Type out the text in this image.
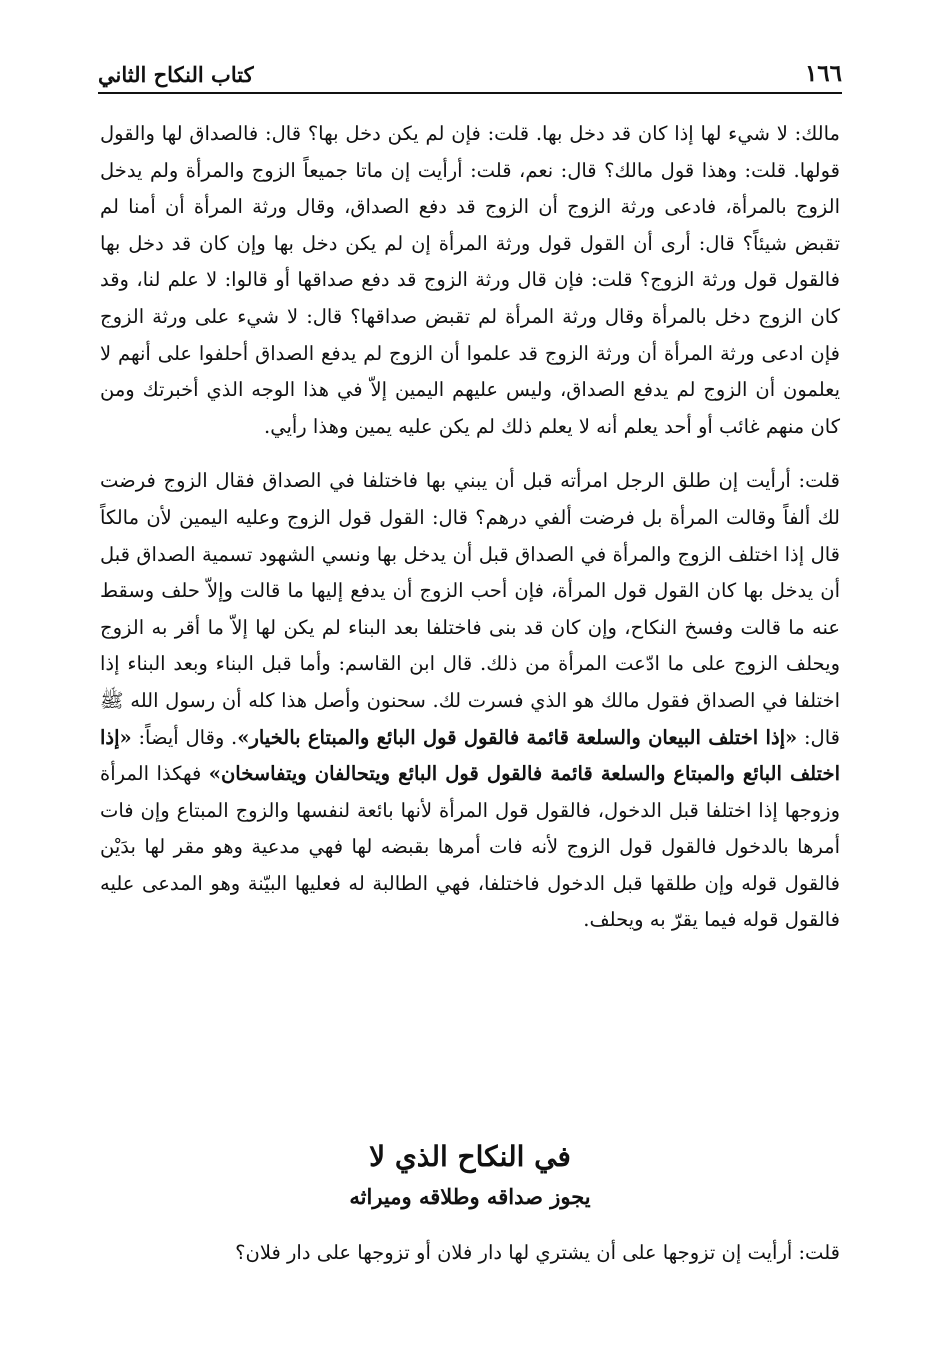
١٦٦
كتاب النكاح الثاني

مالك: لا شيء لها إذا كان قد دخل بها. قلت: فإن لم يكن دخل بها؟ قال: فالصداق لها والقول قولها. قلت: وهذا قول مالك؟ قال: نعم، قلت: أرأيت إن ماتا جميعاً الزوج والمرأة ولم يدخل الزوج بالمرأة، فادعى ورثة الزوج أن الزوج قد دفع الصداق، وقال ورثة المرأة أن أمنا لم تقبض شيئاً؟ قال: أرى أن القول قول ورثة المرأة إن لم يكن دخل بها وإن كان قد دخل بها فالقول قول ورثة الزوج؟ قلت: فإن قال ورثة الزوج قد دفع صداقها أو قالوا: لا علم لنا، وقد كان الزوج دخل بالمرأة وقال ورثة المرأة لم تقبض صداقها؟ قال: لا شيء على ورثة الزوج فإن ادعى ورثة المرأة أن ورثة الزوج قد علموا أن الزوج لم يدفع الصداق أحلفوا على أنهم لا يعلمون أن الزوج لم يدفع الصداق، وليس عليهم اليمين إلاّ في هذا الوجه الذي أخبرتك ومن كان منهم غائب أو أحد يعلم أنه لا يعلم ذلك لم يكن عليه يمين وهذا رأيي.

قلت: أرأيت إن طلق الرجل امرأته قبل أن يبني بها فاختلفا في الصداق فقال الزوج فرضت لك ألفاً وقالت المرأة بل فرضت ألفي درهم؟ قال: القول قول الزوج وعليه اليمين لأن مالكاً قال إذا اختلف الزوج والمرأة في الصداق قبل أن يدخل بها ونسي الشهود تسمية الصداق قبل أن يدخل بها كان القول قول المرأة، فإن أحب الزوج أن يدفع إليها ما قالت وإلاّ حلف وسقط عنه ما قالت وفسخ النكاح، وإن كان قد بنى فاختلفا بعد البناء لم يكن لها إلاّ ما أقر به الزوج ويحلف الزوج على ما ادّعت المرأة من ذلك. قال ابن القاسم: وأما قبل البناء وبعد البناء إذا اختلفا في الصداق فقول مالك هو الذي فسرت لك. سحنون وأصل هذا كله أن رسول الله ﷺ قال: «إذا اختلف البيعان والسلعة قائمة فالقول قول البائع والمبتاع بالخيار». وقال أيضاً: «إذا اختلف البائع والمبتاع والسلعة قائمة فالقول قول البائع ويتحالفان ويتفاسخان» فهكذا المرأة وزوجها إذا اختلفا قبل الدخول، فالقول قول المرأة لأنها بائعة لنفسها والزوج المبتاع وإن فات أمرها بالدخول فالقول قول الزوج لأنه فات أمرها بقبضه لها فهي مدعية وهو مقر لها بدَيْن فالقول قوله وإن طلقها قبل الدخول فاختلفا، فهي الطالبة له فعليها البيّنة وهو المدعى عليه فالقول قوله فيما يقرّ به ويحلف.

في النكاح الذي لا
يجوز صداقه وطلاقه وميراثه
قلت: أرأيت إن تزوجها على أن يشتري لها دار فلان أو تزوجها على دار فلان؟
